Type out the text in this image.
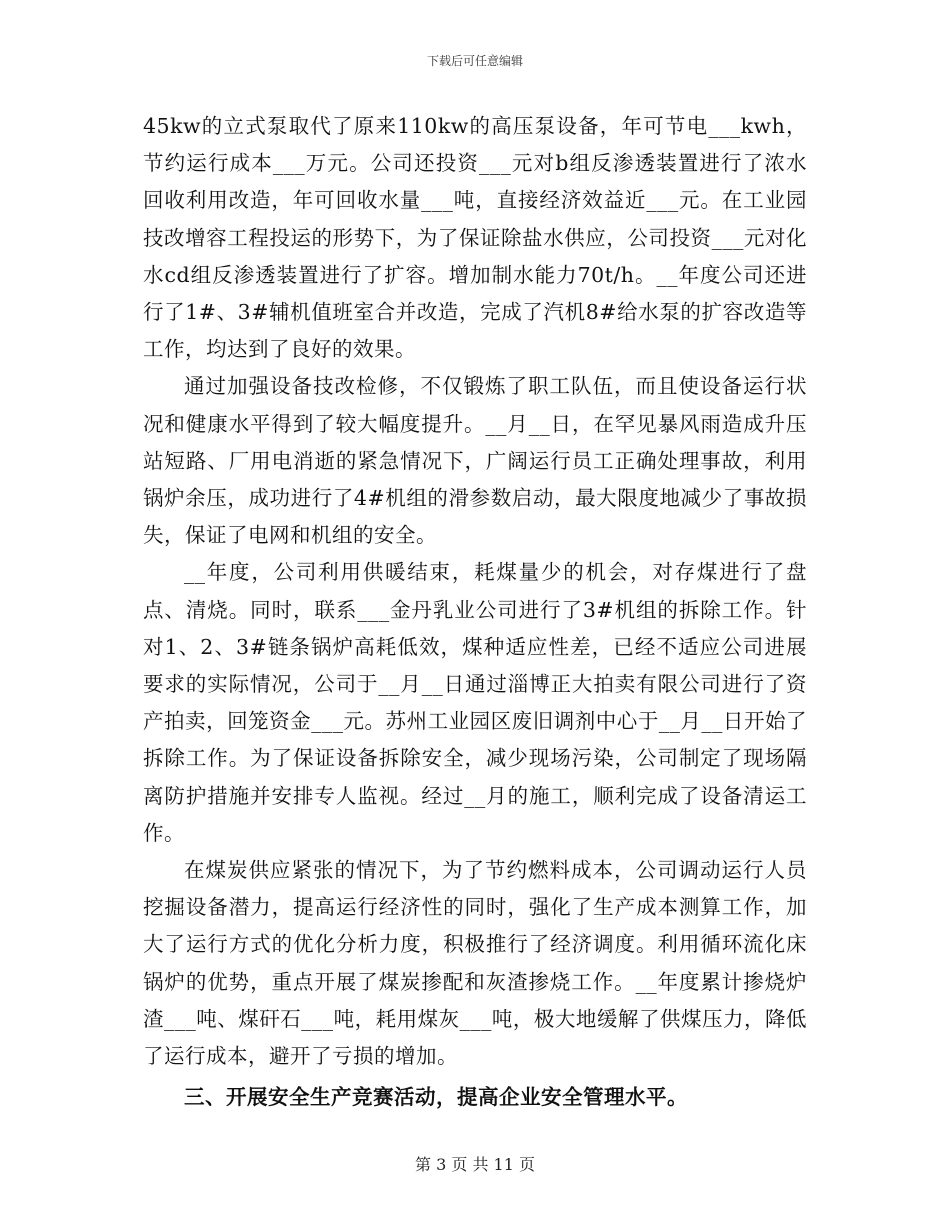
下载后可任意编辑

45kw的立式泵取代了原来110kw的高压泵设备，年可节电___kwh，节约运行成本___万元。公司还投资___元对b组反渗透装置进行了浓水回收利用改造，年可回收水量___吨，直接经济效益近___元。在工业园技改增容工程投运的形势下，为了保证除盐水供应，公司投资___元对化水cd组反渗透装置进行了扩容。增加制水能力70t/h。__年度公司还进行了1#、3#辅机值班室合并改造，完成了汽机8#给水泵的扩容改造等工作，均达到了良好的效果。

通过加强设备技改检修，不仅锻炼了职工队伍，而且使设备运行状况和健康水平得到了较大幅度提升。__月__日，在罕见暴风雨造成升压站短路、厂用电消逝的紧急情况下，广阔运行员工正确处理事故，利用锅炉余压，成功进行了4#机组的滑参数启动，最大限度地减少了事故损失，保证了电网和机组的安全。

__年度，公司利用供暖结束，耗煤量少的机会，对存煤进行了盘点、清烧。同时，联系___金丹乳业公司进行了3#机组的拆除工作。针对1、2、3#链条锅炉高耗低效，煤种适应性差，已经不适应公司进展要求的实际情况，公司于__月__日通过淄博正大拍卖有限公司进行了资产拍卖，回笼资金___元。苏州工业园区废旧调剂中心于__月__日开始了拆除工作。为了保证设备拆除安全，减少现场污染，公司制定了现场隔离防护措施并安排专人监视。经过__月的施工，顺利完成了设备清运工作。

在煤炭供应紧张的情况下，为了节约燃料成本，公司调动运行人员挖掘设备潜力，提高运行经济性的同时，强化了生产成本测算工作，加大了运行方式的优化分析力度，积极推行了经济调度。利用循环流化床锅炉的优势，重点开展了煤炭掺配和灰渣掺烧工作。__年度累计掺烧炉渣___吨、煤矸石___吨，耗用煤灰___吨，极大地缓解了供煤压力，降低了运行成本，避开了亏损的增加。

三、开展安全生产竞赛活动，提高企业安全管理水平。

第 3 页 共 11 页
